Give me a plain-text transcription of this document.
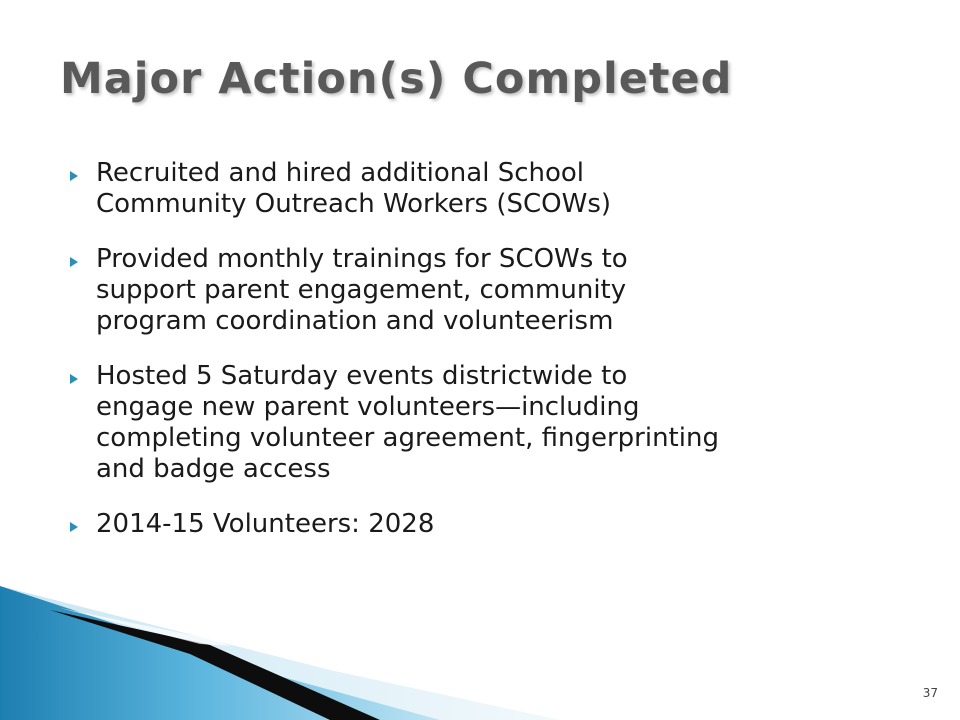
Major Action(s) Completed
Recruited and hired additional School
Community Outreach Workers (SCOWs)
Provided monthly trainings for SCOWs to
support parent engagement, community
program coordination and volunteerism
Hosted 5 Saturday events districtwide to
engage new parent volunteers—including
completing volunteer agreement, fingerprinting
and badge access
2014-15 Volunteers: 2028
37
